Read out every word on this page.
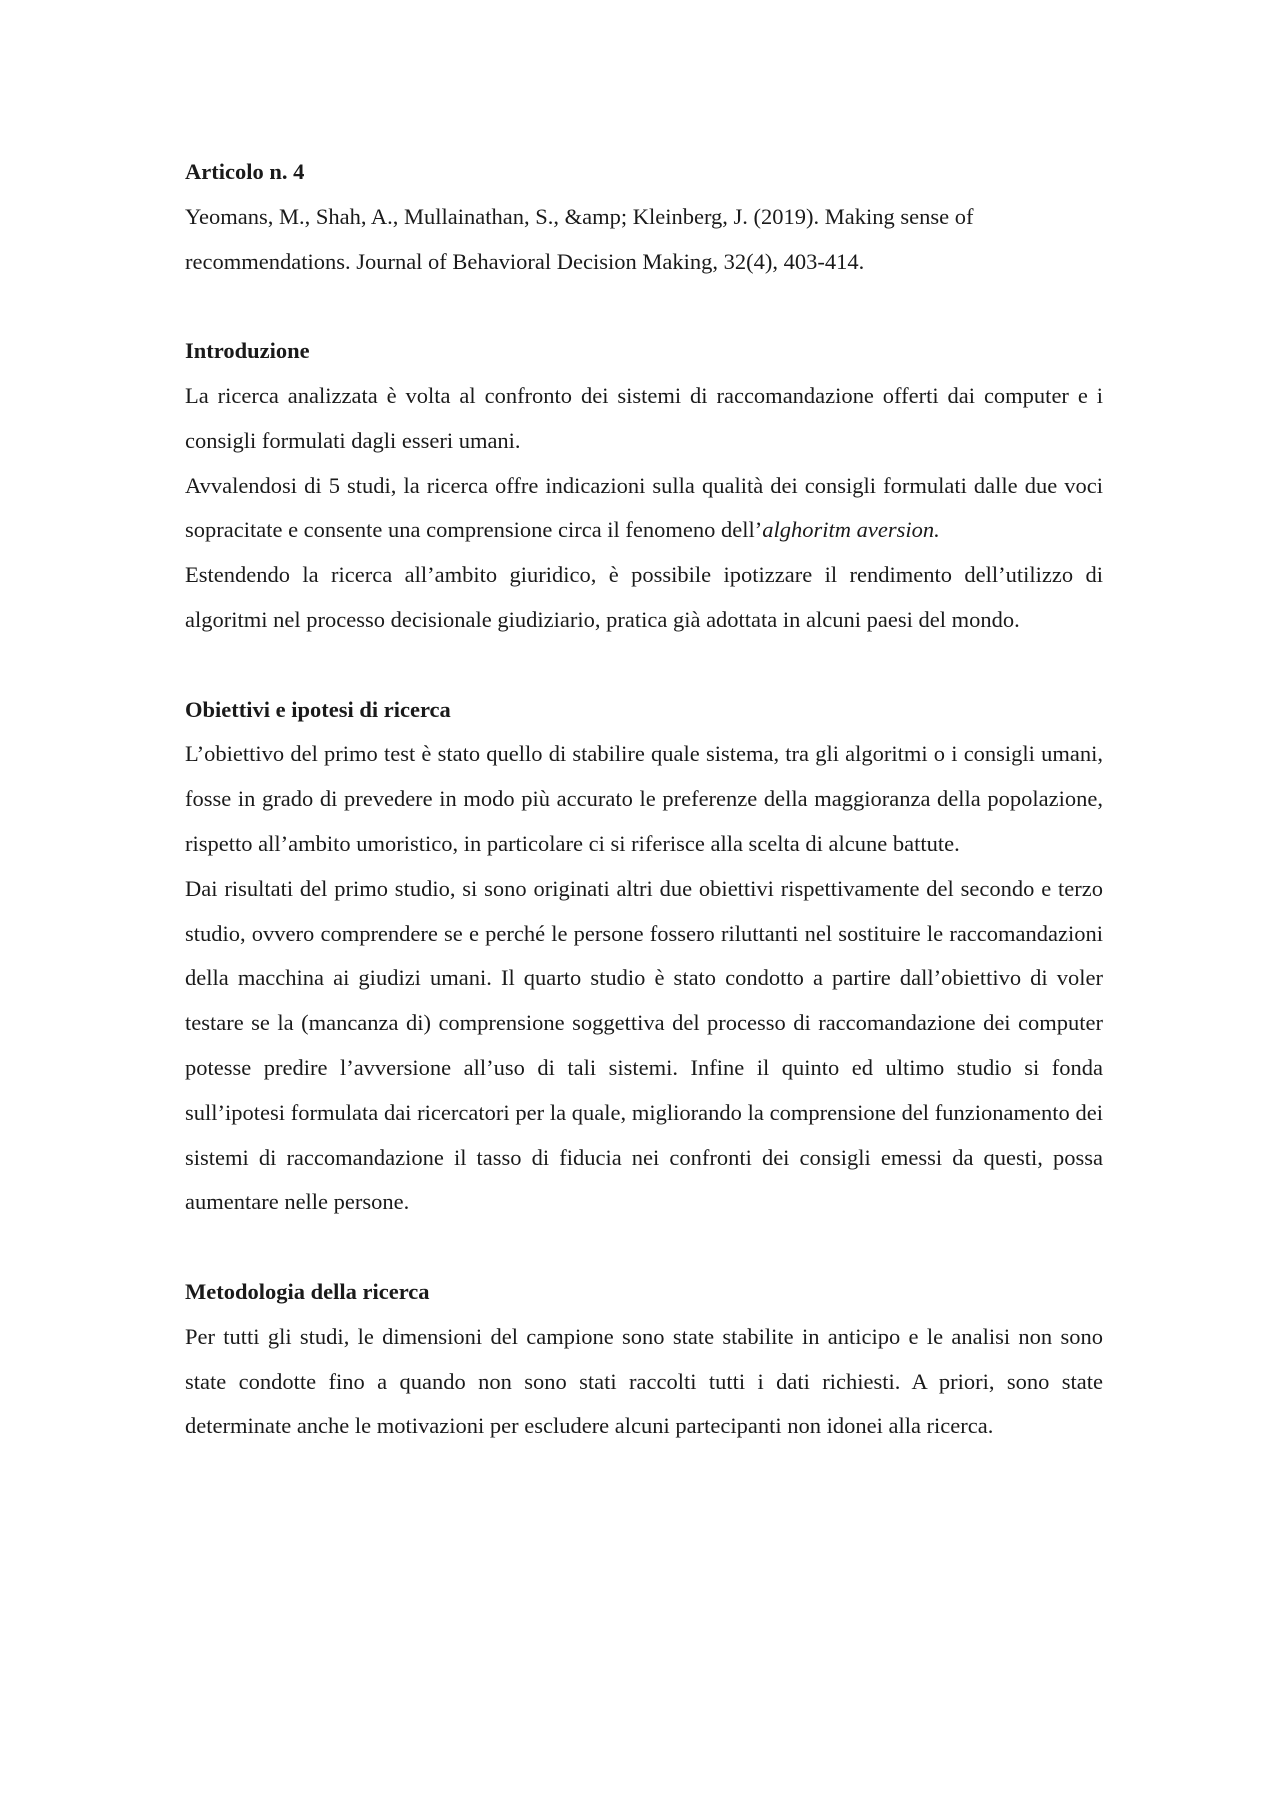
Articolo n. 4

Yeomans, M., Shah, A., Mullainathan, S., &amp; Kleinberg, J. (2019). Making sense of recommendations. Journal of Behavioral Decision Making, 32(4), 403-414.

Introduzione

La ricerca analizzata è volta al confronto dei sistemi di raccomandazione offerti dai computer e i consigli formulati dagli esseri umani.

Avvalendosi di 5 studi, la ricerca offre indicazioni sulla qualità dei consigli formulati dalle due voci sopracitate e consente una comprensione circa il fenomeno dell’alghoritm aversion.

Estendendo la ricerca all’ambito giuridico, è possibile ipotizzare il rendimento dell’utilizzo di algoritmi nel processo decisionale giudiziario, pratica già adottata in alcuni paesi del mondo.

Obiettivi e ipotesi di ricerca

L’obiettivo del primo test è stato quello di stabilire quale sistema, tra gli algoritmi o i consigli umani, fosse in grado di prevedere in modo più accurato le preferenze della maggioranza della popolazione, rispetto all’ambito umoristico, in particolare ci si riferisce alla scelta di alcune battute.

Dai risultati del primo studio, si sono originati altri due obiettivi rispettivamente del secondo e terzo studio, ovvero comprendere se e perché le persone fossero riluttanti nel sostituire le raccomandazioni della macchina ai giudizi umani. Il quarto studio è stato condotto a partire dall’obiettivo di voler testare se la (mancanza di) comprensione soggettiva del processo di raccomandazione dei computer potesse predire l’avversione all’uso di tali sistemi. Infine il quinto ed ultimo studio si fonda sull’ipotesi formulata dai ricercatori per la quale, migliorando la comprensione del funzionamento dei sistemi di raccomandazione il tasso di fiducia nei confronti dei consigli emessi da questi, possa aumentare nelle persone.

Metodologia della ricerca

Per tutti gli studi, le dimensioni del campione sono state stabilite in anticipo e le analisi non sono state condotte fino a quando non sono stati raccolti tutti i dati richiesti. A priori, sono state determinate anche le motivazioni per escludere alcuni partecipanti non idonei alla ricerca.
